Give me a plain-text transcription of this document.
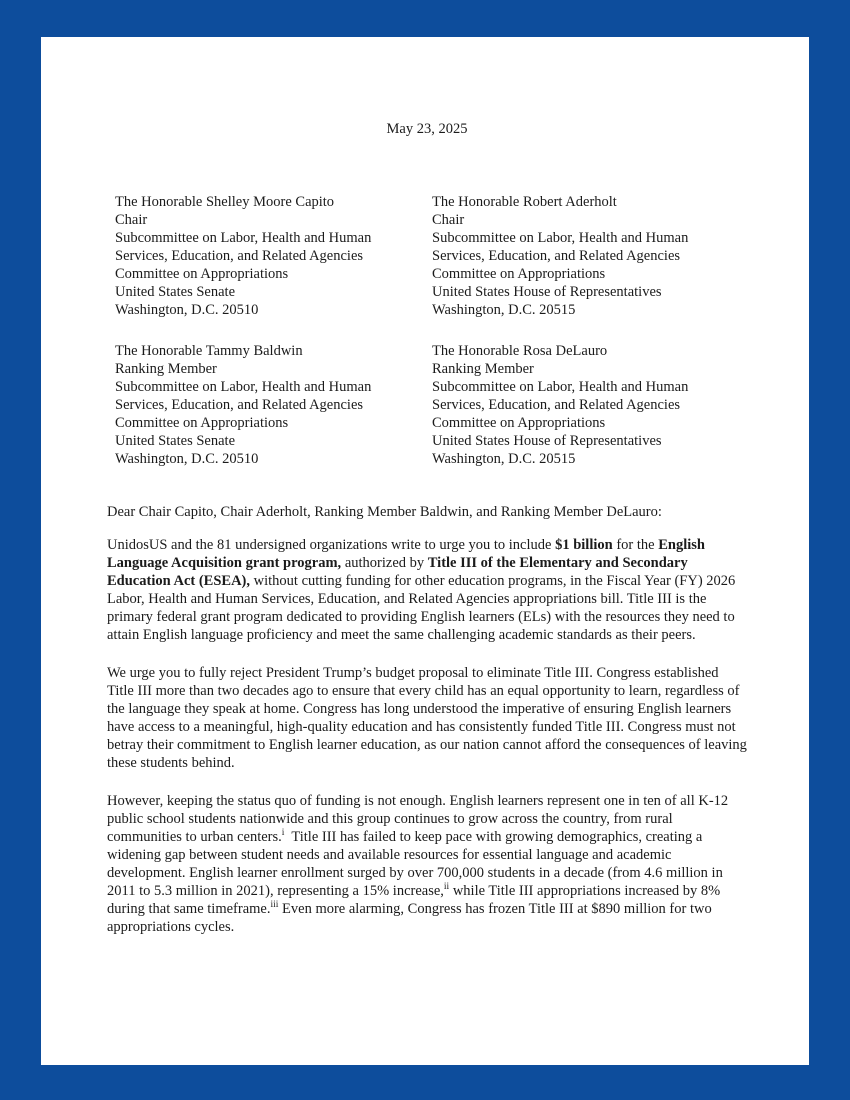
May 23, 2025
The Honorable Shelley Moore Capito
Chair
Subcommittee on Labor, Health and Human
Services, Education, and Related Agencies
Committee on Appropriations
United States Senate
Washington, D.C. 20510
The Honorable Robert Aderholt
Chair
Subcommittee on Labor, Health and Human
Services, Education, and Related Agencies
Committee on Appropriations
United States House of Representatives
Washington, D.C. 20515
The Honorable Tammy Baldwin
Ranking Member
Subcommittee on Labor, Health and Human
Services, Education, and Related Agencies
Committee on Appropriations
United States Senate
Washington, D.C. 20510
The Honorable Rosa DeLauro
Ranking Member
Subcommittee on Labor, Health and Human
Services, Education, and Related Agencies
Committee on Appropriations
United States House of Representatives
Washington, D.C. 20515
Dear Chair Capito, Chair Aderholt, Ranking Member Baldwin, and Ranking Member DeLauro:

UnidosUS and the 81 undersigned organizations write to urge you to include $1 billion for the English Language Acquisition grant program, authorized by Title III of the Elementary and Secondary Education Act (ESEA), without cutting funding for other education programs, in the Fiscal Year (FY) 2026 Labor, Health and Human Services, Education, and Related Agencies appropriations bill. Title III is the primary federal grant program dedicated to providing English learners (ELs) with the resources they need to attain English language proficiency and meet the same challenging academic standards as their peers.

We urge you to fully reject President Trump’s budget proposal to eliminate Title III. Congress established Title III more than two decades ago to ensure that every child has an equal opportunity to learn, regardless of the language they speak at home. Congress has long understood the imperative of ensuring English learners have access to a meaningful, high-quality education and has consistently funded Title III. Congress must not betray their commitment to English learner education, as our nation cannot afford the consequences of leaving these students behind.

However, keeping the status quo of funding is not enough. English learners represent one in ten of all K-12 public school students nationwide and this group continues to grow across the country, from rural communities to urban centers.$^i$  Title III has failed to keep pace with growing demographics, creating a widening gap between student needs and available resources for essential language and academic development. English learner enrollment surged by over 700,000 students in a decade (from 4.6 million in 2011 to 5.3 million in 2021), representing a 15% increase,$^{ii}$ while Title III appropriations increased by 8% during that same timeframe.$^{iii}$ Even more alarming, Congress has frozen Title III at $890 million for two appropriations cycles.
